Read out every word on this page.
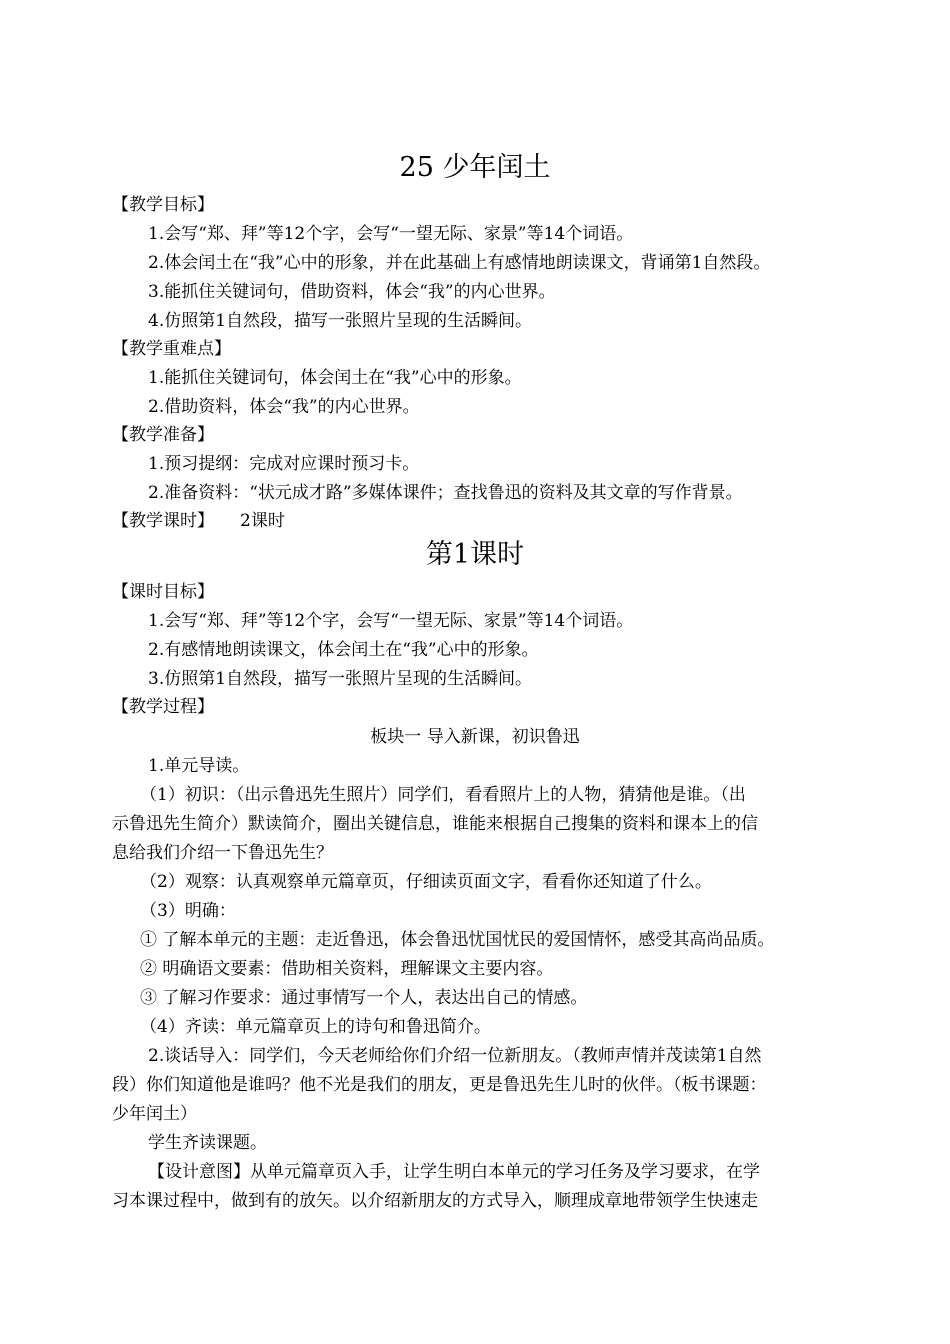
25 少年闰土
【教学目标】
1.会写“郑、拜”等12个字，会写“一望无际、家景”等14个词语。
2.体会闰土在“我”心中的形象，并在此基础上有感情地朗读课文，背诵第1自然段。
3.能抓住关键词句，借助资料，体会“我”的内心世界。
4.仿照第1自然段，描写一张照片呈现的生活瞬间。
【教学重难点】
1.能抓住关键词句，体会闰土在“我”心中的形象。
2.借助资料，体会“我”的内心世界。
【教学准备】
1.预习提纲：完成对应课时预习卡。
2.准备资料：“状元成才路”多媒体课件；查找鲁迅的资料及其文章的写作背景。
【教学课时】 2课时
第1课时
【课时目标】
1.会写“郑、拜”等12个字，会写“一望无际、家景”等14个词语。
2.有感情地朗读课文，体会闰土在“我”心中的形象。
3.仿照第1自然段，描写一张照片呈现的生活瞬间。
【教学过程】
板块一 导入新课，初识鲁迅
1.单元导读。
（1）初识：（出示鲁迅先生照片）同学们，看看照片上的人物，猜猜他是谁。（出
示鲁迅先生简介）默读简介，圈出关键信息，谁能来根据自己搜集的资料和课本上的信
息给我们介绍一下鲁迅先生？
（2）观察：认真观察单元篇章页，仔细读页面文字，看看你还知道了什么。
（3）明确：
① 了解本单元的主题：走近鲁迅，体会鲁迅忧国忧民的爱国情怀，感受其高尚品质。
② 明确语文要素：借助相关资料，理解课文主要内容。
③ 了解习作要求：通过事情写一个人，表达出自己的情感。
（4）齐读：单元篇章页上的诗句和鲁迅简介。
2.谈话导入：同学们，今天老师给你们介绍一位新朋友。（教师声情并茂读第1自然
段）你们知道他是谁吗？他不光是我们的朋友，更是鲁迅先生儿时的伙伴。（板书课题：
少年闰土）
学生齐读课题。
【设计意图】从单元篇章页入手，让学生明白本单元的学习任务及学习要求，在学
习本课过程中，做到有的放矢。以介绍新朋友的方式导入，顺理成章地带领学生快速走
